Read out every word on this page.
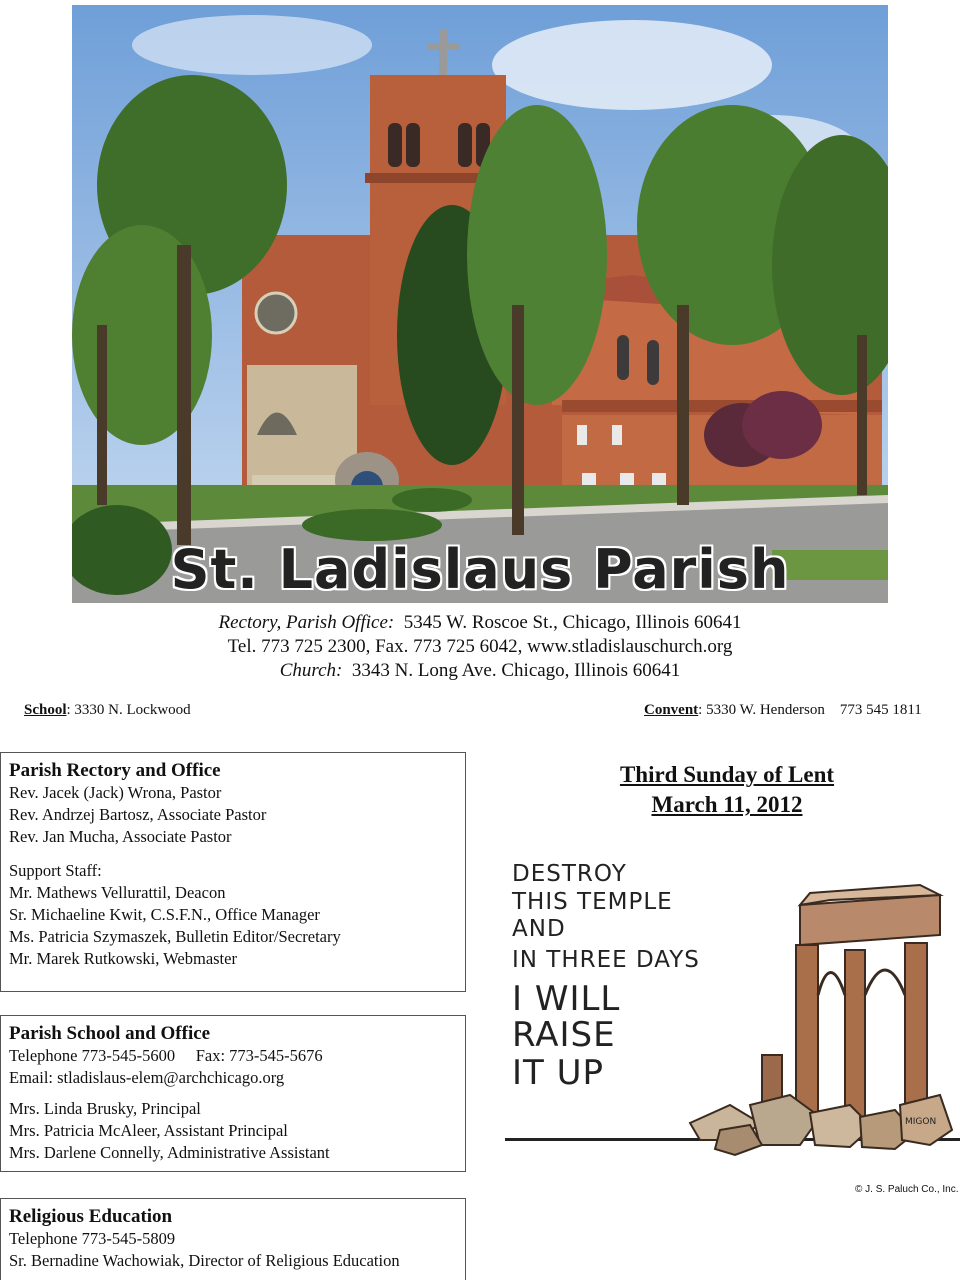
St. Ladislaus Parish
Rectory, Parish Office: 5345 W. Roscoe St., Chicago, Illinois 60641
Tel. 773 725 2300, Fax. 773 725 6042, www.stladislauschurch.org
Church: 3343 N. Long Ave. Chicago, Illinois 60641
School: 3330 N. Lockwood	Convent: 5330 W. Henderson    773 545 1811
Parish Rectory and Office
Rev. Jacek (Jack) Wrona, Pastor
Rev. Andrzej Bartosz, Associate Pastor
Rev. Jan Mucha, Associate Pastor
Support Staff:
Mr. Mathews Vellurattil, Deacon
Sr. Michaeline Kwit, C.S.F.N., Office Manager
Ms. Patricia Szymaszek, Bulletin Editor/Secretary
Mr. Marek Rutkowski, Webmaster
Parish School and Office
Telephone 773-545-5600     Fax: 773-545-5676
Email: stladislaus-elem@archchicago.org
Mrs. Linda Brusky, Principal
Mrs. Patricia McAleer, Assistant Principal
Mrs. Darlene Connelly, Administrative Assistant
Religious Education
Telephone 773-545-5809
Sr. Bernadine Wachowiak, Director of Religious Education
Third Sunday of Lent
March 11, 2012
DESTROY
THIS TEMPLE
AND
IN THREE DAYS
I WILL
RAISE
IT UP
MIGON
© J. S. Paluch Co., Inc.
